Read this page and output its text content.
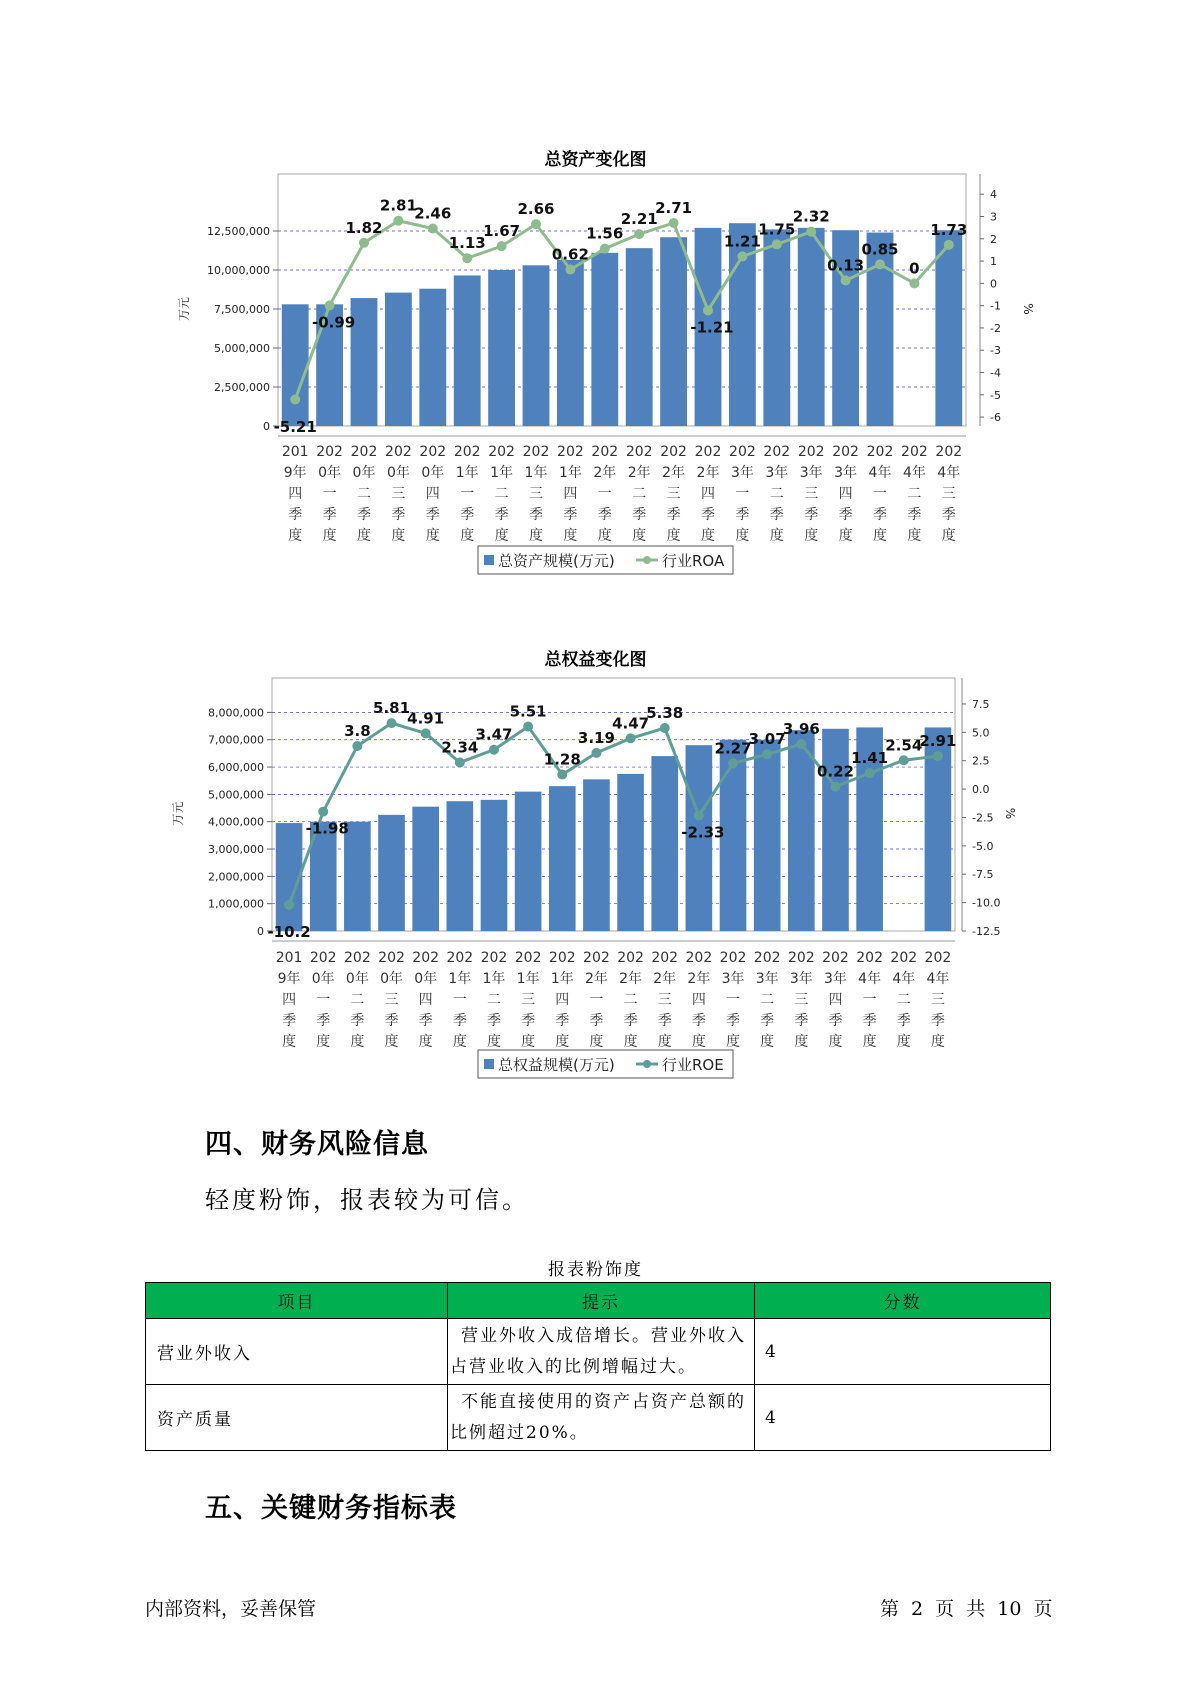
总资产变化图
0
2,500,000
5,000,000
7,500,000
10,000,000
12,500,000
万元
-6
-5
-4
-3
-2
-1
0
1
2
3
4
%
201 9年四季度
202 0年一季度
202 0年二季度
202 0年三季度
202 0年四季度
202 1年一季度
202 1年二季度
202 1年三季度
202 1年四季度
202 2年一季度
202 2年二季度
202 2年三季度
202 2年四季度
202 3年一季度
202 3年二季度
202 3年三季度
202 3年四季度
202 4年一季度
202 4年二季度
202 4年三季度
-5.21
-0.99
1.82
2.81
2.46
1.13
1.67
2.66
0.62
1.56
2.21
2.71
-1.21
1.21
1.75
2.32
0.13
0.85
0
1.73
总资产规模(万元)	行业ROA
总权益变化图
0
1,000,000
2,000,000
3,000,000
4,000,000
5,000,000
6,000,000
7,000,000
8,000,000
万元
-12.5
-10.0
-7.5
-5.0
-2.5
0.0
2.5
5.0
7.5
%
201 9年四季度
202 0年一季度
202 0年二季度
202 0年三季度
202 0年四季度
202 1年一季度
202 1年二季度
202 1年三季度
202 1年四季度
202 2年一季度
202 2年二季度
202 2年三季度
202 2年四季度
202 3年一季度
202 3年二季度
202 3年三季度
202 3年四季度
202 4年一季度
202 4年二季度
202 4年三季度
-10.2
-1.98
3.8
5.81
4.91
2.34
3.47
5.51
1.28
3.19
4.47
5.38
-2.33
2.27
3.07
3.96
0.22
1.41
2.54
2.91
总权益规模(万元)	行业ROE
四、财务风险信息
轻度粉饰，报表较为可信。
报表粉饰度
项目	提示	分数
营业外收入	营业外收入成倍增长。营业外收入占营业收入的比例增幅过大。	4
资产质量	不能直接使用的资产占资产总额的比例超过20%。	4
五、关键财务指标表
内部资料，妥善保管	第 2 页 共 10 页
